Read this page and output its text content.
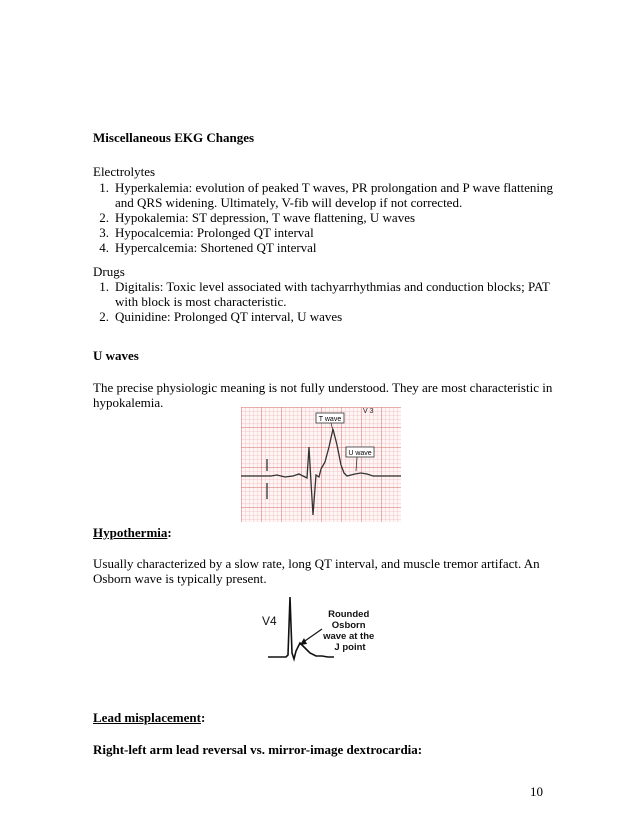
Miscellaneous EKG Changes
Electrolytes
1. Hyperkalemia: evolution of peaked T waves, PR prolongation and P wave flattening
and QRS widening. Ultimately, V-fib will develop if not corrected.
2. Hypokalemia: ST depression, T wave flattening, U waves
3. Hypocalcemia: Prolonged QT interval
4. Hypercalcemia: Shortened QT interval
Drugs
1. Digitalis: Toxic level associated with tachyarrhythmias and conduction blocks; PAT
with block is most characteristic.
2. Quinidine: Prolonged QT interval, U waves
U waves
The precise physiologic meaning is not fully understood. They are most characteristic in
hypokalemia.
T wave
U wave
V 3
Hypothermia:
Usually characterized by a slow rate, long QT interval, and muscle tremor artifact. An
Osborn wave is typically present.
V4	Rounded Osborn wave at the J point
Lead misplacement:
Right-left arm lead reversal vs. mirror-image dextrocardia:
10
